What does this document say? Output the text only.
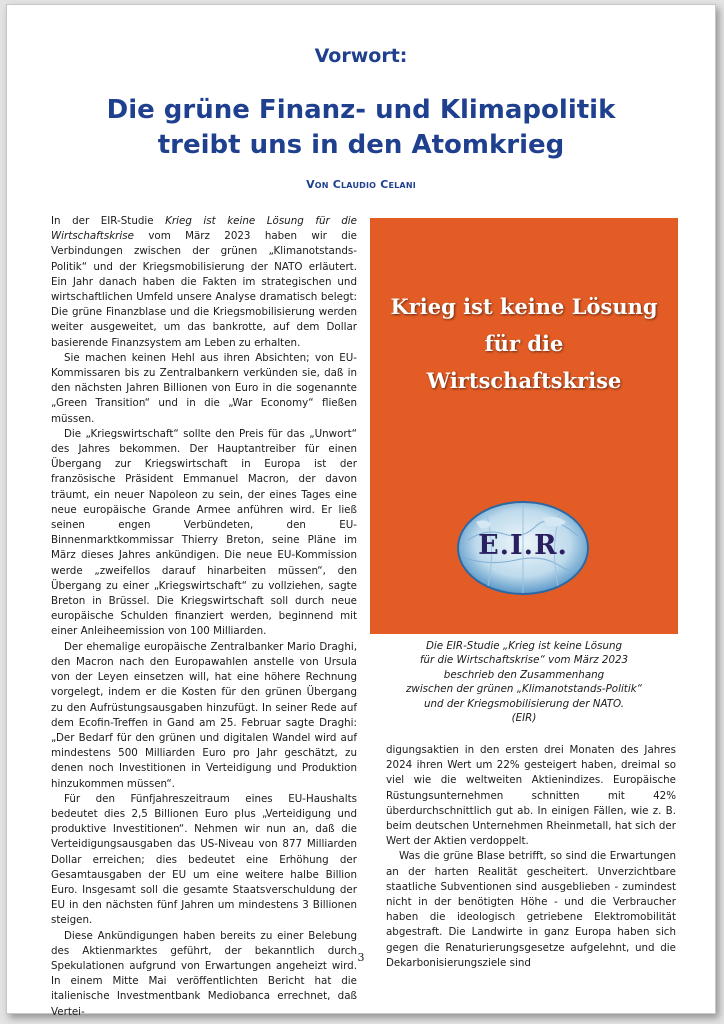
Vorwort:
Die grüne Finanz- und Klimapolitik
treibt uns in den Atomkrieg
Von Claudio Celani

In der EIR-Studie Krieg ist keine Lösung für die Wirtschaftskrise vom März 2023 haben wir die Verbindungen zwischen der grünen „Klimanotstands-Politik“ und der Kriegsmobilisierung der NATO erläutert. Ein Jahr danach haben die Fakten im strategischen und wirtschaftlichen Umfeld unsere Analyse dramatisch belegt: Die grüne Finanzblase und die Kriegsmobilisierung werden weiter ausgeweitet, um das bankrotte, auf dem Dollar basierende Finanzsystem am Leben zu erhalten.

Sie machen keinen Hehl aus ihren Absichten; von EU-Kommissaren bis zu Zentralbankern verkünden sie, daß in den nächsten Jahren Billionen von Euro in die sogenannte „Green Transition“ und in die „War Economy“ fließen müssen.

Die „Kriegswirtschaft“ sollte den Preis für das „Unwort“ des Jahres bekommen. Der Hauptantreiber für einen Übergang zur Kriegswirtschaft in Europa ist der französische Präsident Emmanuel Macron, der davon träumt, ein neuer Napoleon zu sein, der eines Tages eine neue europäische Grande Armee anführen wird. Er ließ seinen engen Verbündeten, den EU-Binnenmarktkommissar Thierry Breton, seine Pläne im März dieses Jahres ankündigen. Die neue EU-Kommission werde „zweifellos darauf hinarbeiten müssen“, den Übergang zu einer „Kriegswirtschaft“ zu vollziehen, sagte Breton in Brüssel. Die Kriegswirtschaft soll durch neue europäische Schulden finanziert werden, beginnend mit einer Anleiheemission von 100 Milliarden.

Der ehemalige europäische Zentralbanker Mario Draghi, den Macron nach den Europawahlen anstelle von Ursula von der Leyen einsetzen will, hat eine höhere Rechnung vorgelegt, indem er die Kosten für den grünen Übergang zu den Aufrüstungsausgaben hinzufügt. In seiner Rede auf dem Ecofin-Treffen in Gand am 25. Februar sagte Draghi: „Der Bedarf für den grünen und digitalen Wandel wird auf mindestens 500 Milliarden Euro pro Jahr geschätzt, zu denen noch Investitionen in Verteidigung und Produktion hinzukommen müssen“.

Für den Fünfjahreszeitraum eines EU-Haushalts bedeutet dies 2,5 Billionen Euro plus „Verteidigung und produktive Investitionen“. Nehmen wir nun an, daß die Verteidigungsausgaben das US-Niveau von 877 Milliarden Dollar erreichen; dies bedeutet eine Erhöhung der Gesamtausgaben der EU um eine weitere halbe Billion Euro. Insgesamt soll die gesamte Staatsverschuldung der EU in den nächsten fünf Jahren um mindestens 3 Billionen steigen.

Diese Ankündigungen haben bereits zu einer Belebung des Aktienmarktes geführt, der bekanntlich durch Spekulationen aufgrund von Erwartungen angeheizt wird. In einem Mitte Mai veröffentlichten Bericht hat die italienische Investmentbank Mediobanca errechnet, daß Vertei-

Krieg ist keine Lösung
für die
Wirtschaftskrise
E.I.R.
Die EIR-Studie „Krieg ist keine Lösung
für die Wirtschaftskrise“ vom März 2023
beschrieb den Zusammenhang
zwischen der grünen „Klimanotstands-Politik“
und der Kriegsmobilisierung der NATO.
(EIR)

digungsaktien in den ersten drei Monaten des Jahres 2024 ihren Wert um 22% gesteigert haben, dreimal so viel wie die weltweiten Aktienindizes. Europäische Rüstungsunternehmen schnitten mit 42% überdurchschnittlich gut ab. In einigen Fällen, wie z. B. beim deutschen Unternehmen Rheinmetall, hat sich der Wert der Aktien verdoppelt.

Was die grüne Blase betrifft, so sind die Erwartungen an der harten Realität gescheitert. Unverzichtbare staatliche Subventionen sind ausgeblieben - zumindest nicht in der benötigten Höhe - und die Verbraucher haben die ideologisch getriebene Elektromobilität abgestraft. Die Landwirte in ganz Europa haben sich gegen die Renaturierungsgesetze aufgelehnt, und die Dekarbonisierungsziele sind

3
